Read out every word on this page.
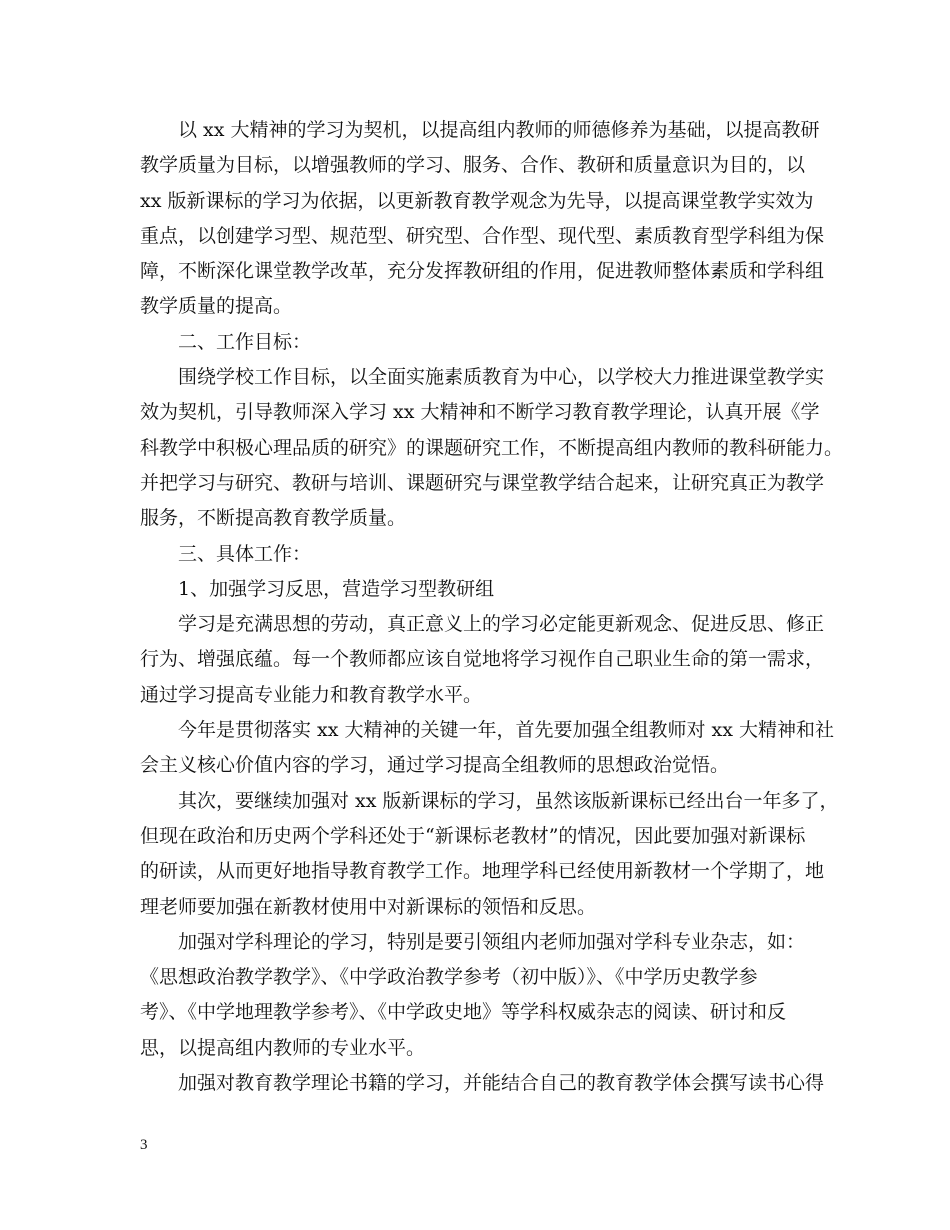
以 xx 大精神的学习为契机，以提高组内教师的师德修养为基础，以提高教研
教学质量为目标，以增强教师的学习、服务、合作、教研和质量意识为目的，以
xx 版新课标的学习为依据，以更新教育教学观念为先导，以提高课堂教学实效为
重点，以创建学习型、规范型、研究型、合作型、现代型、素质教育型学科组为保
障，不断深化课堂教学改革，充分发挥教研组的作用，促进教师整体素质和学科组
教学质量的提高。

二、工作目标：

围绕学校工作目标，以全面实施素质教育为中心，以学校大力推进课堂教学实
效为契机，引导教师深入学习 xx 大精神和不断学习教育教学理论，认真开展《学
科教学中积极心理品质的研究》的课题研究工作，不断提高组内教师的教科研能力。
并把学习与研究、教研与培训、课题研究与课堂教学结合起来，让研究真正为教学
服务，不断提高教育教学质量。

三、具体工作：

1、加强学习反思，营造学习型教研组

学习是充满思想的劳动，真正意义上的学习必定能更新观念、促进反思、修正
行为、增强底蕴。每一个教师都应该自觉地将学习视作自己职业生命的第一需求，
通过学习提高专业能力和教育教学水平。

今年是贯彻落实 xx 大精神的关键一年，首先要加强全组教师对 xx 大精神和社
会主义核心价值内容的学习，通过学习提高全组教师的思想政治觉悟。

其次，要继续加强对 xx 版新课标的学习，虽然该版新课标已经出台一年多了，
但现在政治和历史两个学科还处于“新课标老教材”的情况，因此要加强对新课标
的研读，从而更好地指导教育教学工作。地理学科已经使用新教材一个学期了，地
理老师要加强在新教材使用中对新课标的领悟和反思。

加强对学科理论的学习，特别是要引领组内老师加强对学科专业杂志，如：
《思想政治教学教学》、《中学政治教学参考（初中版）》、《中学历史教学参
考》、《中学地理教学参考》、《中学政史地》等学科权威杂志的阅读、研讨和反
思，以提高组内教师的专业水平。

加强对教育教学理论书籍的学习，并能结合自己的教育教学体会撰写读书心得

3
